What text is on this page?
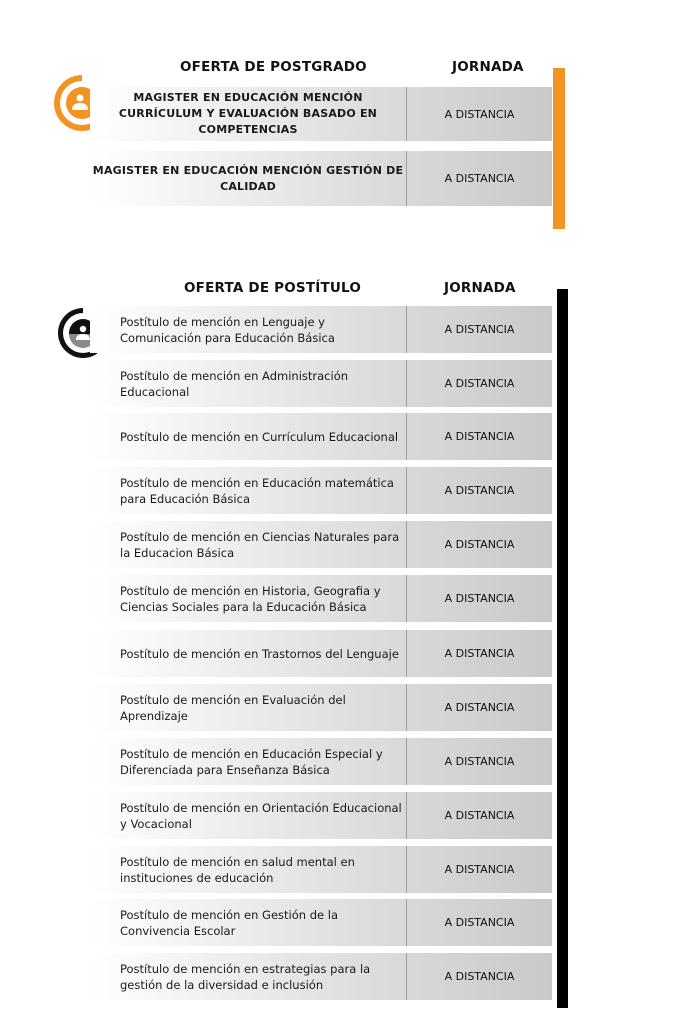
OFERTA DE POSTGRADO	JORNADA
MAGISTER EN EDUCACIÓN MENCIÓN CURRÍCULUM Y EVALUACIÓN BASADO EN COMPETENCIAS
A DISTANCIA
MAGISTER EN EDUCACIÓN MENCIÓN GESTIÓN DE CALIDAD
A DISTANCIA
OFERTA DE POSTÍTULO	JORNADA
Postítulo de mención en Lenguaje y Comunicación para Educación Básica
A DISTANCIA
Postítulo de mención en Administración Educacional
A DISTANCIA
Postítulo de mención en Currículum Educacional	A DISTANCIA
Postítulo de mención en Educación matemática para Educación Básica
A DISTANCIA
Postítulo de mención en Ciencias Naturales para la Educacion Básica
A DISTANCIA
Postítulo de mención en Historia, Geografia y Ciencias Sociales para la Educación Básica
A DISTANCIA
Postítulo de mención en Trastornos del Lenguaje	A DISTANCIA
Postítulo de mención en Evaluación del Aprendizaje
A DISTANCIA
Postítulo de mención en Educación Especial y Diferenciada para Enseñanza Básica
A DISTANCIA
Postítulo de mención en Orientación Educacional y Vocacional
A DISTANCIA
Postítulo de mención en salud mental en instituciones de educación
A DISTANCIA
Postítulo de mención en Gestión de la Convivencia Escolar
A DISTANCIA
Postítulo de mención en estrategias para la gestión de la diversidad e inclusión
A DISTANCIA
